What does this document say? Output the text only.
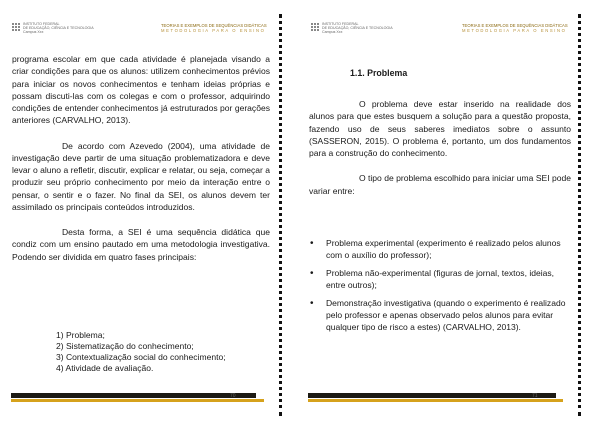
INSTITUTO FEDERAL
DE EDUCAÇÃO, CIÊNCIA E TECNOLOGIA
Campus Xxx
TEORIAS E EXEMPLOS DE SEQUÊNCIAS DIDÁTICAS
METODOLOGIA PARA O ENSINO

programa escolar em que cada atividade é planejada visando a criar condições para que os alunos: utilizem conhecimentos prévios para iniciar os novos conhecimentos e tenham ideias próprias e possam discuti-las com os colegas e com o professor, adquirindo condições de entender conhecimentos já estruturados por gerações anteriores (CARVALHO, 2013).

De acordo com Azevedo (2004), uma atividade de investigação deve partir de uma situação problematizadora e deve levar o aluno a refletir, discutir, explicar e relatar, ou seja, começar a produzir seu próprio conhecimento por meio da interação entre o pensar, o sentir e o fazer. No final da SEI, os alunos devem ter assimilado os principais conteúdos introduzidos.

Desta forma, a SEI é uma sequência didática que condiz com um ensino pautado em uma metodologia investigativa. Podendo ser dividida em quatro fases principais:

1) Problema;
2) Sistematização do conhecimento;
3) Contextualização social do conhecimento;
4) Atividade de avaliação.
70
INSTITUTO FEDERAL
DE EDUCAÇÃO, CIÊNCIA E TECNOLOGIA
Campus Xxx
TEORIAS E EXEMPLOS DE SEQUÊNCIAS DIDÁTICAS
METODOLOGIA PARA O ENSINO
1.1. Problema

O problema deve estar inserido na realidade dos alunos para que estes busquem a solução para a questão proposta, fazendo uso de seus saberes imediatos sobre o assunto (SASSERON, 2015). O problema é, portanto, um dos fundamentos para a construção do conhecimento.

O tipo de problema escolhido para iniciar uma SEI pode variar entre:

• Problema experimental (experimento é realizado pelos alunos com o auxílio do professor);
• Problema não-experimental (figuras de jornal, textos, ideias, entre outros);
• Demonstração investigativa (quando o experimento é realizado pelo professor e apenas observado pelos alunos para evitar qualquer tipo de risco a estes) (CARVALHO, 2013).
71
